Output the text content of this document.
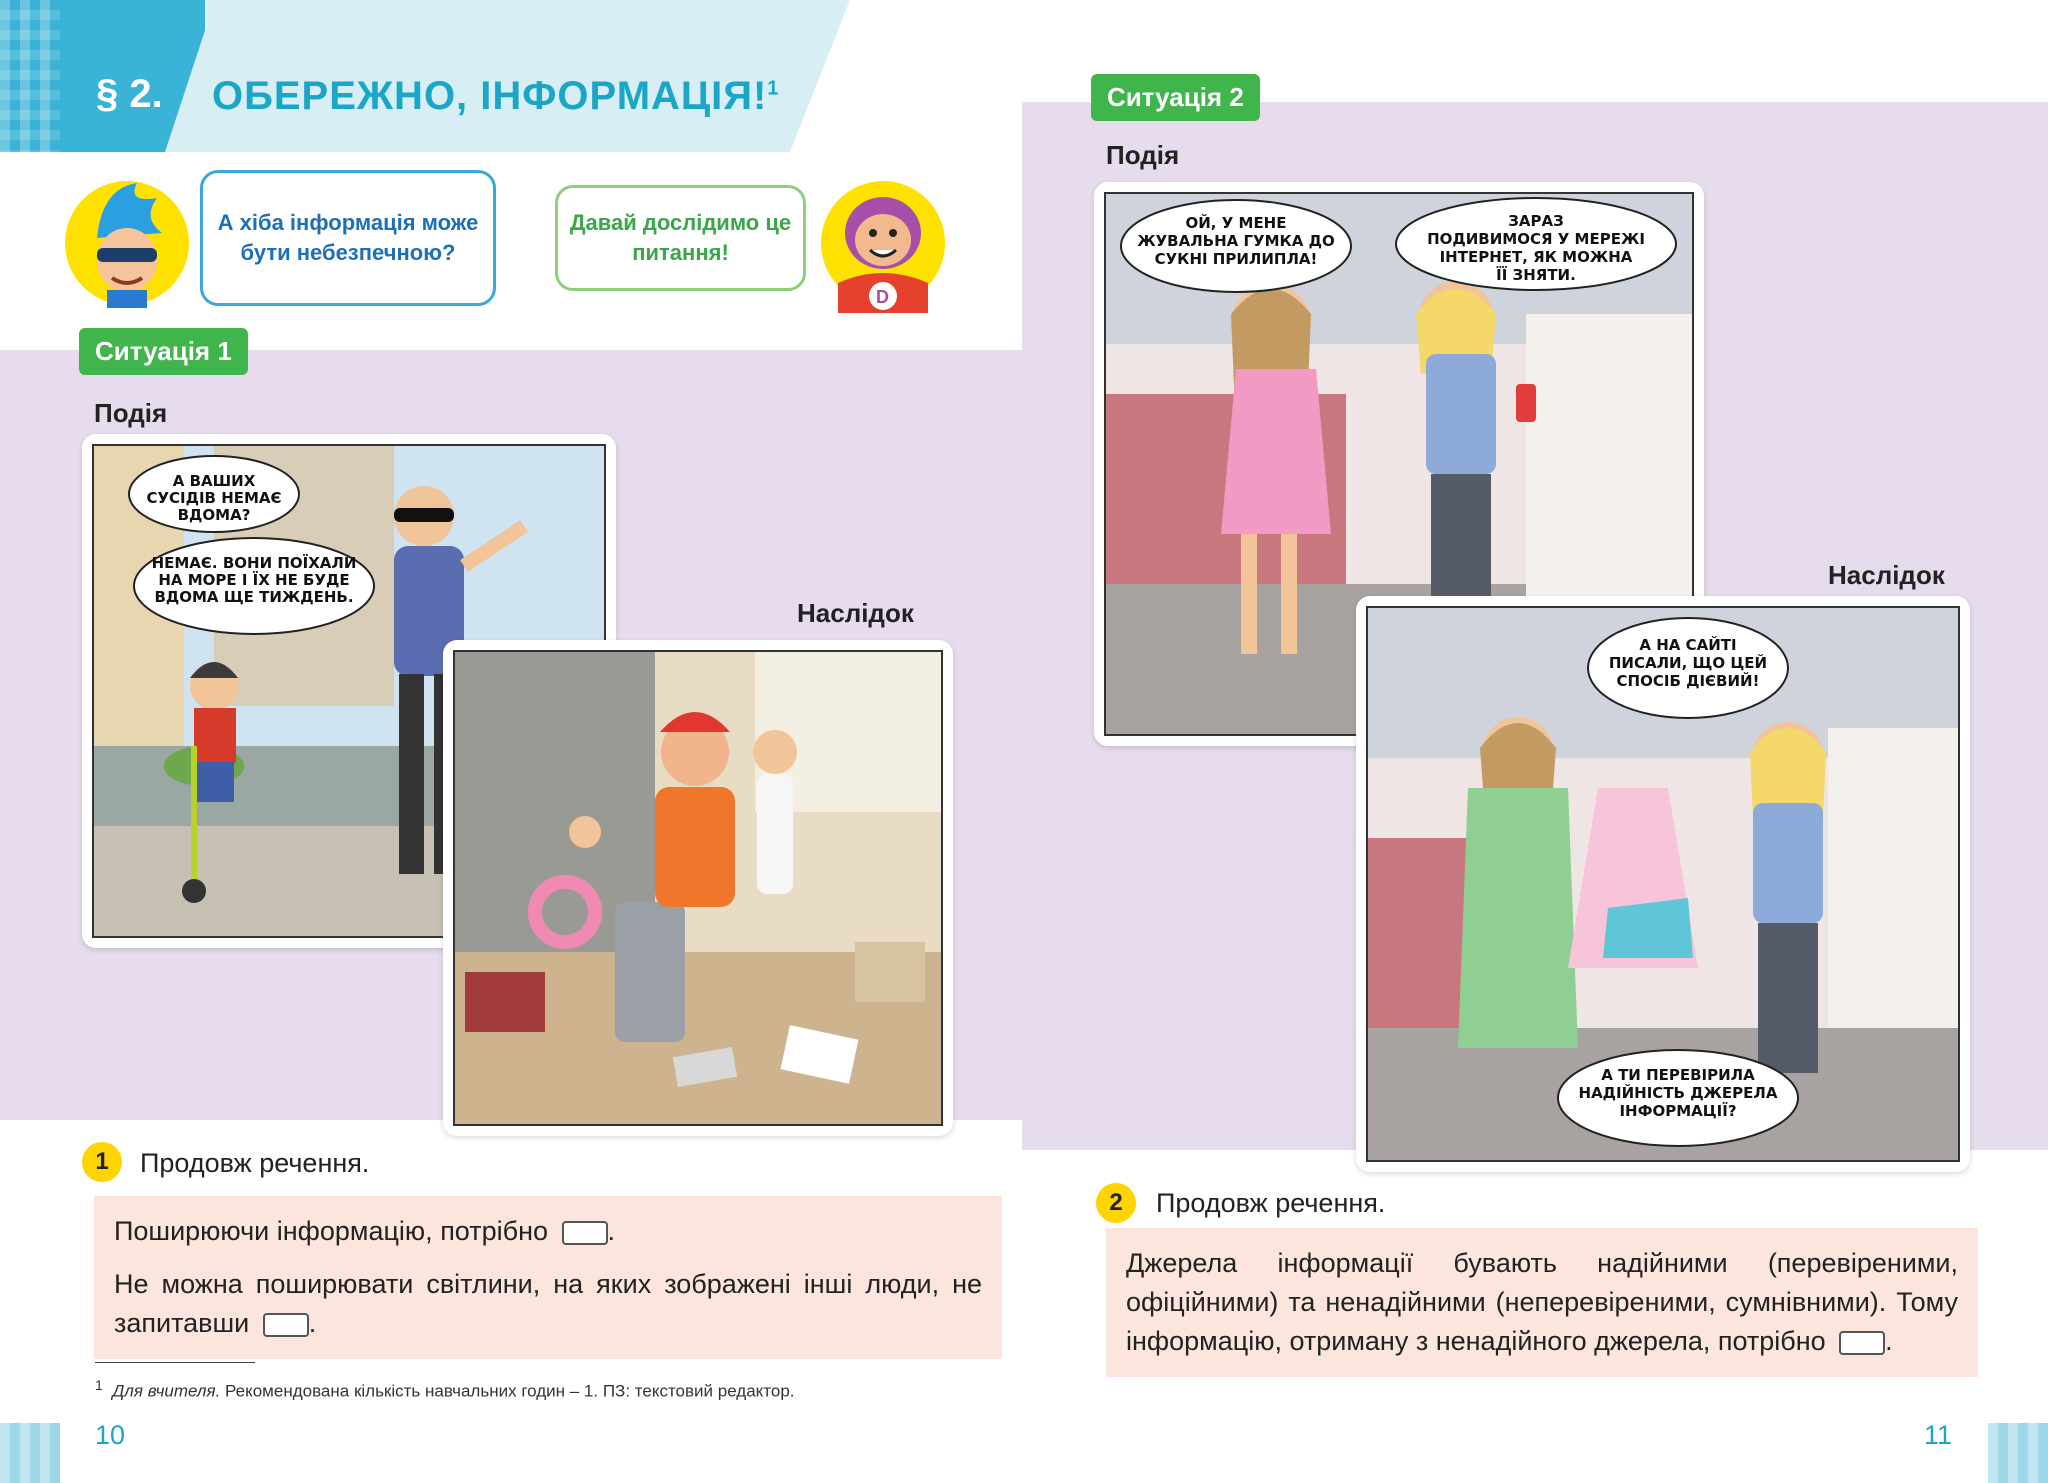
§ 2. ОБЕРЕЖНО, ІНФОРМАЦІЯ!$^1$
А хіба інформація може бути небезпечною?
Давай дослідимо це питання!
D
Ситуація 1
Подія
Наслідок
А ВАШИХ СУСІДІВ НЕМАЄ ВДОМА?
НЕМАЄ. ВОНИ ПОЇХАЛИ НА МОРЕ І ЇХ НЕ БУДЕ ВДОМА ЩЕ ТИЖДЕНЬ.
Ситуація 2
Подія
Наслідок
ОЙ, У МЕНЕ ЖУВАЛЬНА ГУМКА ДО СУКНІ ПРИЛИПЛА!
ЗАРАЗ ПОДИВИМОСЯ У МЕРЕЖІ ІНТЕРНЕТ, ЯК МОЖНА ЇЇ ЗНЯТИ.
А НА САЙТІ ПИСАЛИ, ЩО ЦЕЙ СПОСІБ ДІЄВИЙ!
А ТИ ПЕРЕВІРИЛА НАДІЙНІСТЬ ДЖЕРЕЛА ІНФОРМАЦІЇ?
1	Продовж речення.
Поширюючи інформацію, потрібно .
Не можна поширювати світлини, на яких зображені інші люди, не запитавши .
2	Продовж речення.
Джерела інформації бувають надійними (перевіреними, офіційними) та ненадійними (неперевіреними, сумнівними). Тому інформацію, отриману з ненадійного джерела, потрібно .
$^1$ Для вчителя. Рекомендована кількість навчальних годин – 1. ПЗ: текстовий редактор.
10	11
